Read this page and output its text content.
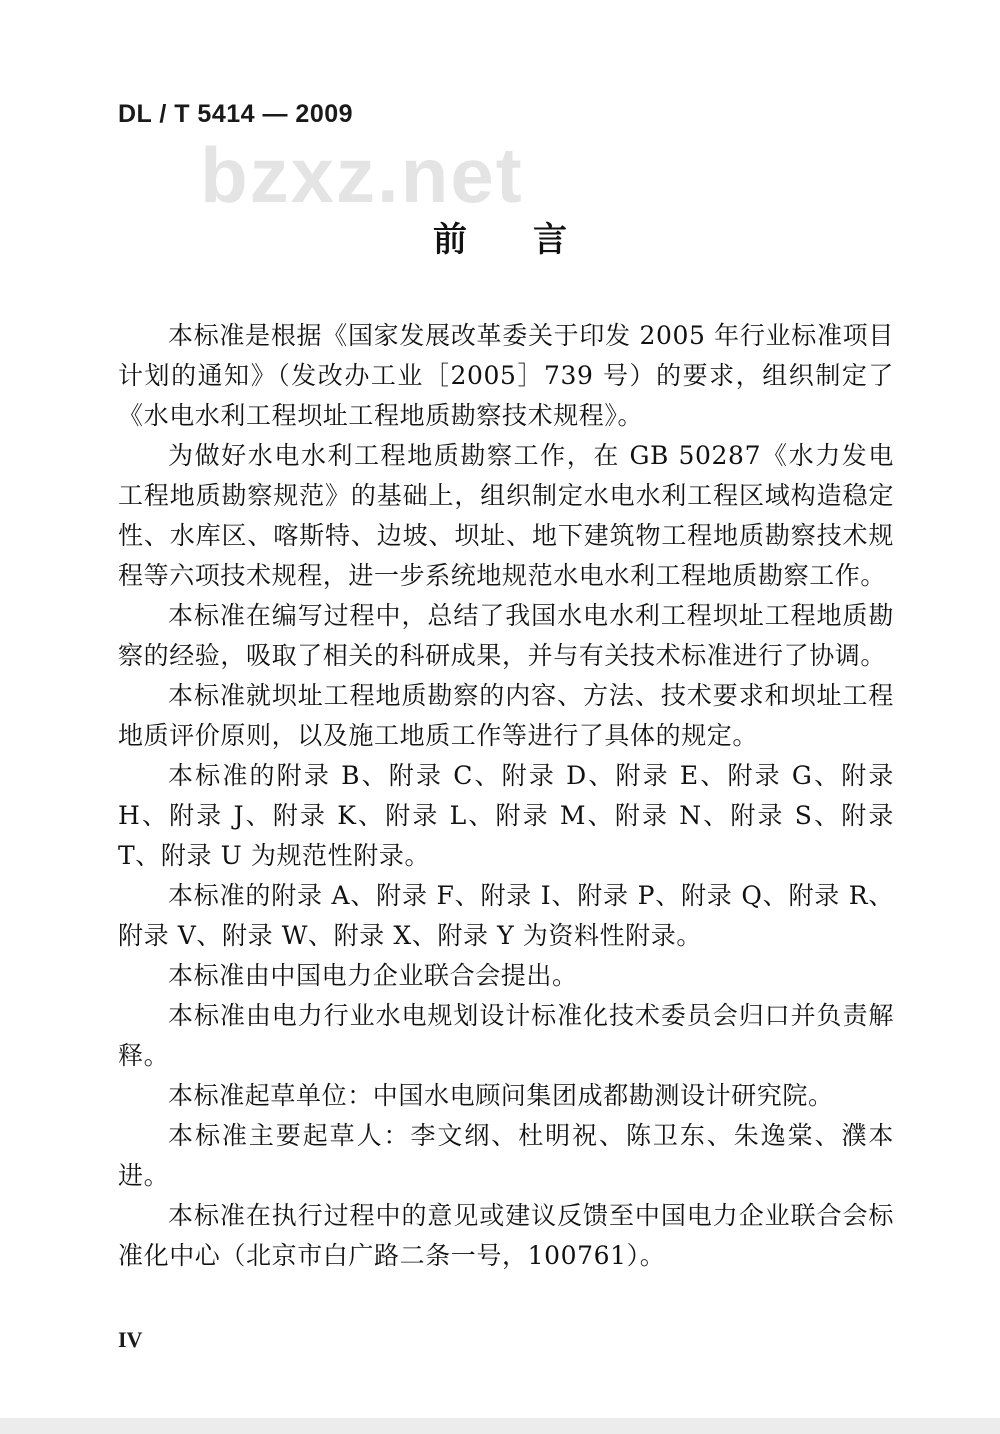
DL / T 5414 — 2009
bzxz.net
前言

本标准是根据《国家发展改革委关于印发 2005 年行业标准项目计划的通知》（发改办工业［2005］739 号）的要求，组织制定了《水电水利工程坝址工程地质勘察技术规程》。

为做好水电水利工程地质勘察工作，在 GB 50287《水力发电工程地质勘察规范》的基础上，组织制定水电水利工程区域构造稳定性、水库区、喀斯特、边坡、坝址、地下建筑物工程地质勘察技术规程等六项技术规程，进一步系统地规范水电水利工程地质勘察工作。

本标准在编写过程中，总结了我国水电水利工程坝址工程地质勘察的经验，吸取了相关的科研成果，并与有关技术标准进行了协调。

本标准就坝址工程地质勘察的内容、方法、技术要求和坝址工程地质评价原则，以及施工地质工作等进行了具体的规定。

本标准的附录 B、附录 C、附录 D、附录 E、附录 G、附录 H、附录 J、附录 K、附录 L、附录 M、附录 N、附录 S、附录 T、附录 U 为规范性附录。

本标准的附录 A、附录 F、附录 I、附录 P、附录 Q、附录 R、附录 V、附录 W、附录 X、附录 Y 为资料性附录。

本标准由中国电力企业联合会提出。

本标准由电力行业水电规划设计标准化技术委员会归口并负责解释。

本标准起草单位：中国水电顾问集团成都勘测设计研究院。

本标准主要起草人：李文纲、杜明祝、陈卫东、朱逸棠、濮本进。

本标准在执行过程中的意见或建议反馈至中国电力企业联合会标准化中心（北京市白广路二条一号，100761）。

IV
